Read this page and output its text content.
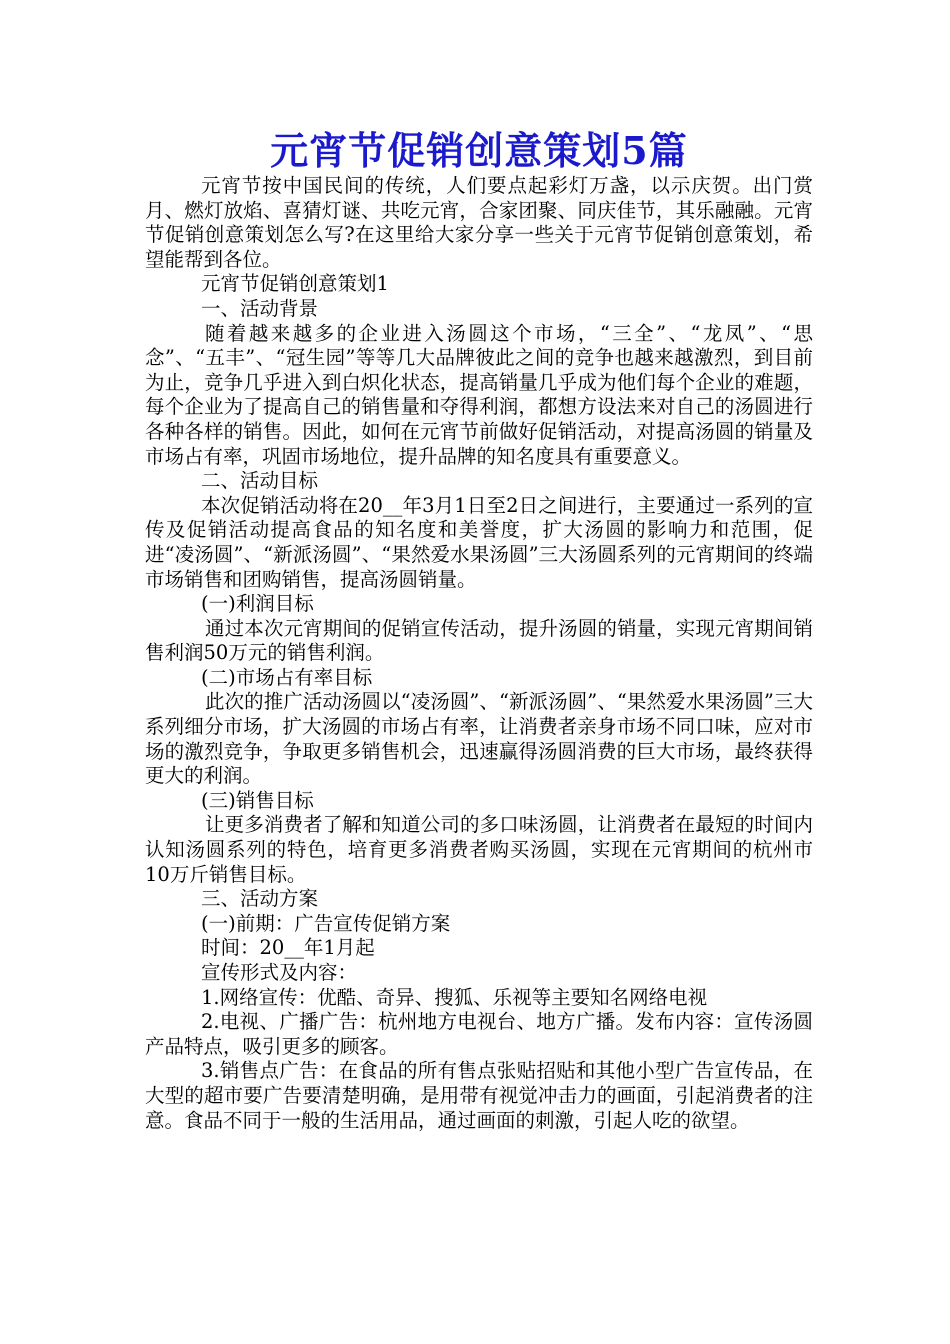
元宵节促销创意策划5篇

元宵节按中国民间的传统，人们要点起彩灯万盏，以示庆贺。出门赏月、燃灯放焰、喜猜灯谜、共吃元宵，合家团聚、同庆佳节，其乐融融。元宵节促销创意策划怎么写?在这里给大家分享一些关于元宵节促销创意策划，希望能帮到各位。

元宵节促销创意策划1

一、活动背景

随着越来越多的企业进入汤圆这个市场，“三全”、“龙凤”、“思念”、“五丰”、“冠生园”等等几大品牌彼此之间的竞争也越来越激烈，到目前为止，竞争几乎进入到白炽化状态，提高销量几乎成为他们每个企业的难题，每个企业为了提高自己的销售量和夺得利润，都想方设法来对自己的汤圆进行各种各样的销售。因此，如何在元宵节前做好促销活动，对提高汤圆的销量及市场占有率，巩固市场地位，提升品牌的知名度具有重要意义。

二、活动目标

本次促销活动将在20__年3月1日至2日之间进行，主要通过一系列的宣传及促销活动提高食品的知名度和美誉度，扩大汤圆的影响力和范围，促进“凌汤圆”、“新派汤圆”、“果然爱水果汤圆”三大汤圆系列的元宵期间的终端市场销售和团购销售，提高汤圆销量。

(一)利润目标

通过本次元宵期间的促销宣传活动，提升汤圆的销量，实现元宵期间销售利润50万元的销售利润。

(二)市场占有率目标

此次的推广活动汤圆以“凌汤圆”、“新派汤圆”、“果然爱水果汤圆”三大系列细分市场，扩大汤圆的市场占有率，让消费者亲身市场不同口味，应对市场的激烈竞争，争取更多销售机会，迅速赢得汤圆消费的巨大市场，最终获得更大的利润。

(三)销售目标

让更多消费者了解和知道公司的多口味汤圆，让消费者在最短的时间内认知汤圆系列的特色，培育更多消费者购买汤圆，实现在元宵期间的杭州市10万斤销售目标。

三、活动方案

(一)前期：广告宣传促销方案

时间：20__年1月起

宣传形式及内容：

1.网络宣传：优酷、奇异、搜狐、乐视等主要知名网络电视

2.电视、广播广告：杭州地方电视台、地方广播。发布内容：宣传汤圆产品特点，吸引更多的顾客。

3.销售点广告：在食品的所有售点张贴招贴和其他小型广告宣传品，在大型的超市要广告要清楚明确，是用带有视觉冲击力的画面，引起消费者的注意。食品不同于一般的生活用品，通过画面的刺激，引起人吃的欲望。
